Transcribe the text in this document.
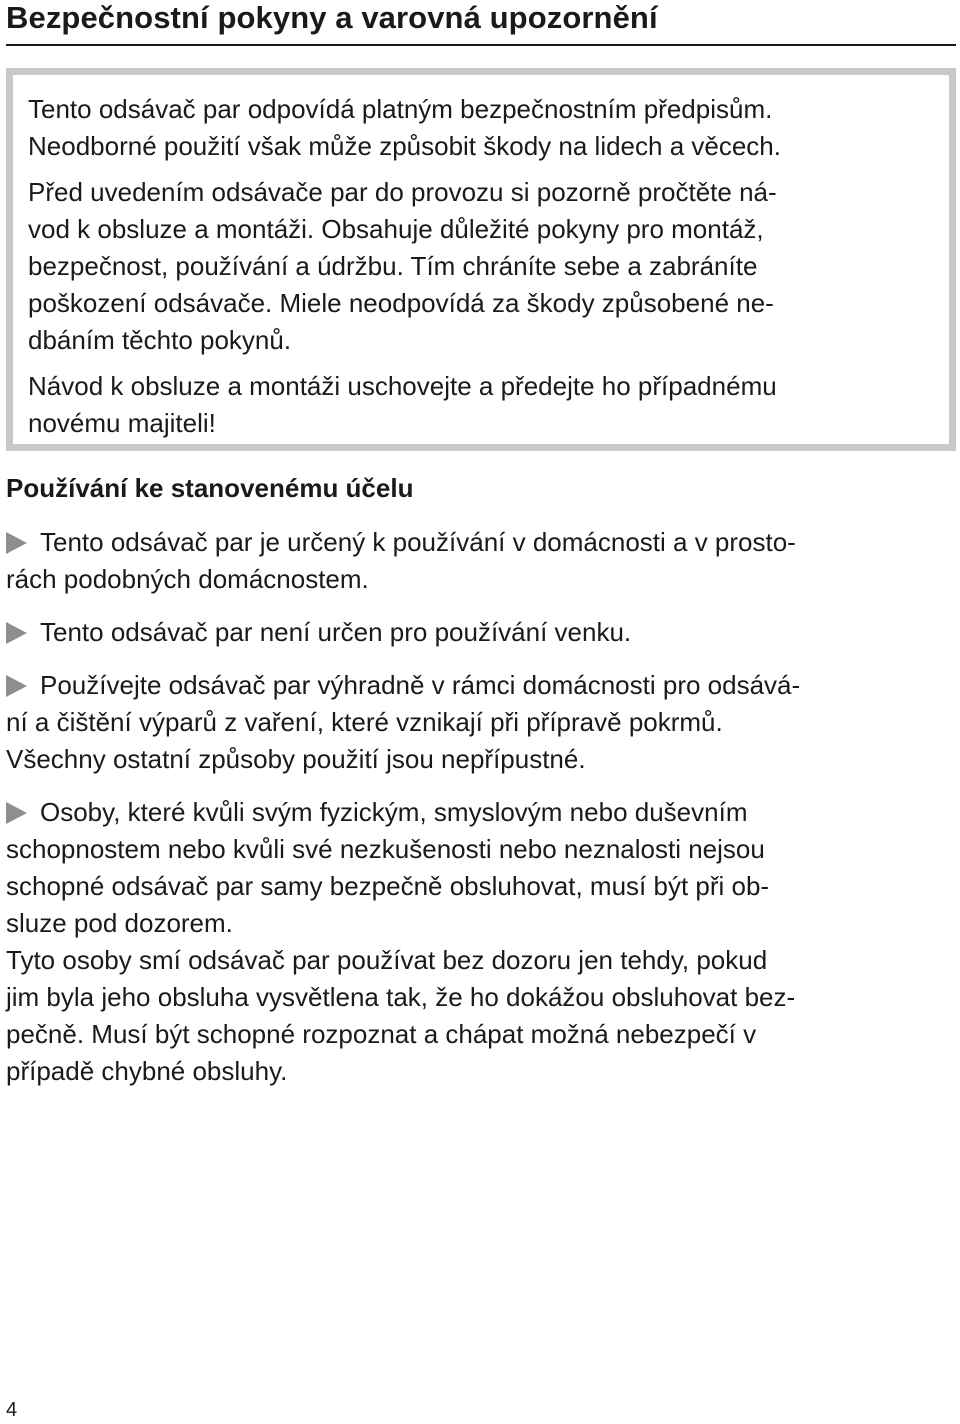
Bezpečnostní pokyny a varovná upozornění

Tento odsávač par odpovídá platným bezpečnostním předpisům.
Neodborné použití však může způsobit škody na lidech a věcech.

Před uvedením odsávače par do provozu si pozorně pročtěte ná-
vod k obsluze a montáži. Obsahuje důležité pokyny pro montáž,
bezpečnost, používání a údržbu. Tím chráníte sebe a zabráníte
poškození odsávače. Miele neodpovídá za škody způsobené ne-
dbáním těchto pokynů.

Návod k obsluze a montáži uschovejte a předejte ho případnému
novému majiteli!

Používání ke stanovenému účelu

Tento odsávač par je určený k používání v domácnosti a v prosto-
rách podobných domácnostem.

Tento odsávač par není určen pro používání venku.

Používejte odsávač par výhradně v rámci domácnosti pro odsává-
ní a čištění výparů z vaření, které vznikají při přípravě pokrmů.
Všechny ostatní způsoby použití jsou nepřípustné.

Osoby, které kvůli svým fyzickým, smyslovým nebo duševním
schopnostem nebo kvůli své nezkušenosti nebo neznalosti nejsou
schopné odsávač par samy bezpečně obsluhovat, musí být při ob-
sluze pod dozorem.

Tyto osoby smí odsávač par používat bez dozoru jen tehdy, pokud
jim byla jeho obsluha vysvětlena tak, že ho dokážou obsluhovat bez-
pečně. Musí být schopné rozpoznat a chápat možná nebezpečí v
případě chybné obsluhy.

4
